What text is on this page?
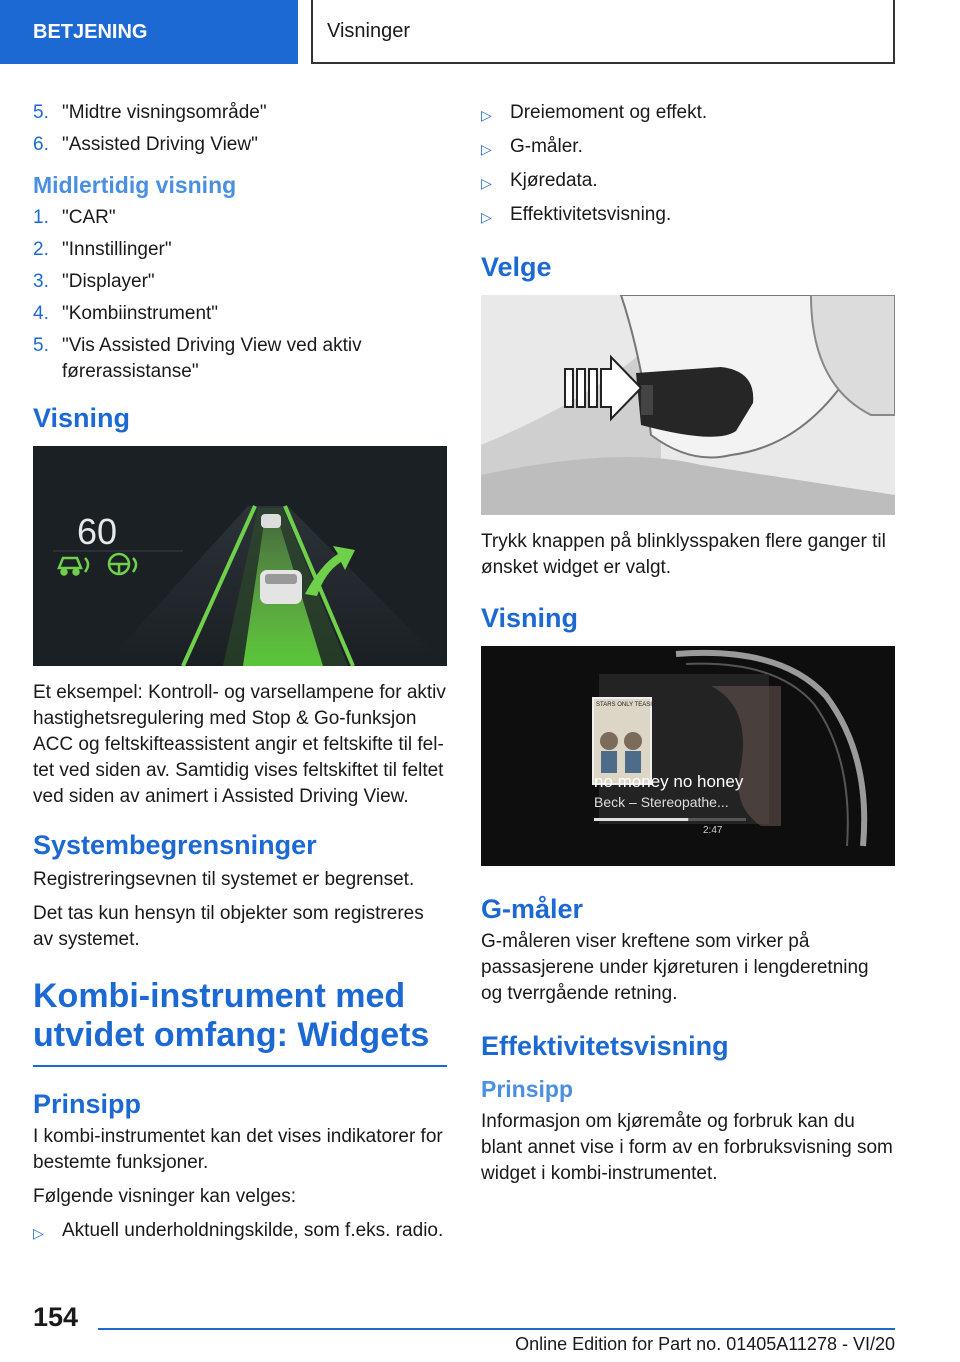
BETJENING	Visninger
5. "Midtre visningsområde"
6. "Assisted Driving View"
Midlertidig visning
1. "CAR"
2. "Innstillinger"
3. "Displayer"
4. "Kombiinstrument"
5. "Vis Assisted Driving View ved aktiv førerassistanse"
Visning
60

Et eksempel: Kontroll- og varsellampene for aktiv hastighetsregulering med Stop & Go-funksjon ACC og feltskifteassistent angir et feltskifte til feltet ved siden av. Samtidig vises feltskiftet til feltet ved siden av animert i Assisted Driving View.

Systembegrensninger

Registreringsevnen til systemet er begrenset.

Det tas kun hensyn til objekter som registreres av systemet.

Kombi-instrument med utvidet omfang: Widgets
Prinsipp

I kombi-instrumentet kan det vises indikatorer for bestemte funksjoner.

Følgende visninger kan velges:

▷ Aktuell underholdningskilde, som f.eks. radio.
▷ Dreiemoment og effekt.
▷ G-måler.
▷ Kjøredata.
▷ Effektivitetsvisning.
Velge

Trykk knappen på blinklysspaken flere ganger til ønsket widget er valgt.

Visning
STARS ONLY TEASING
no money no honey
Beck – Stereopathe...
2:47
G-måler

G-måleren viser kreftene som virker på passasjerene under kjøreturen i lengderetning og tverrgående retning.

Effektivitetsvisning
Prinsipp

Informasjon om kjøremåte og forbruk kan du blant annet vise i form av en forbruksvisning som widget i kombi-instrumentet.

154
Online Edition for Part no. 01405A11278 - VI/20
